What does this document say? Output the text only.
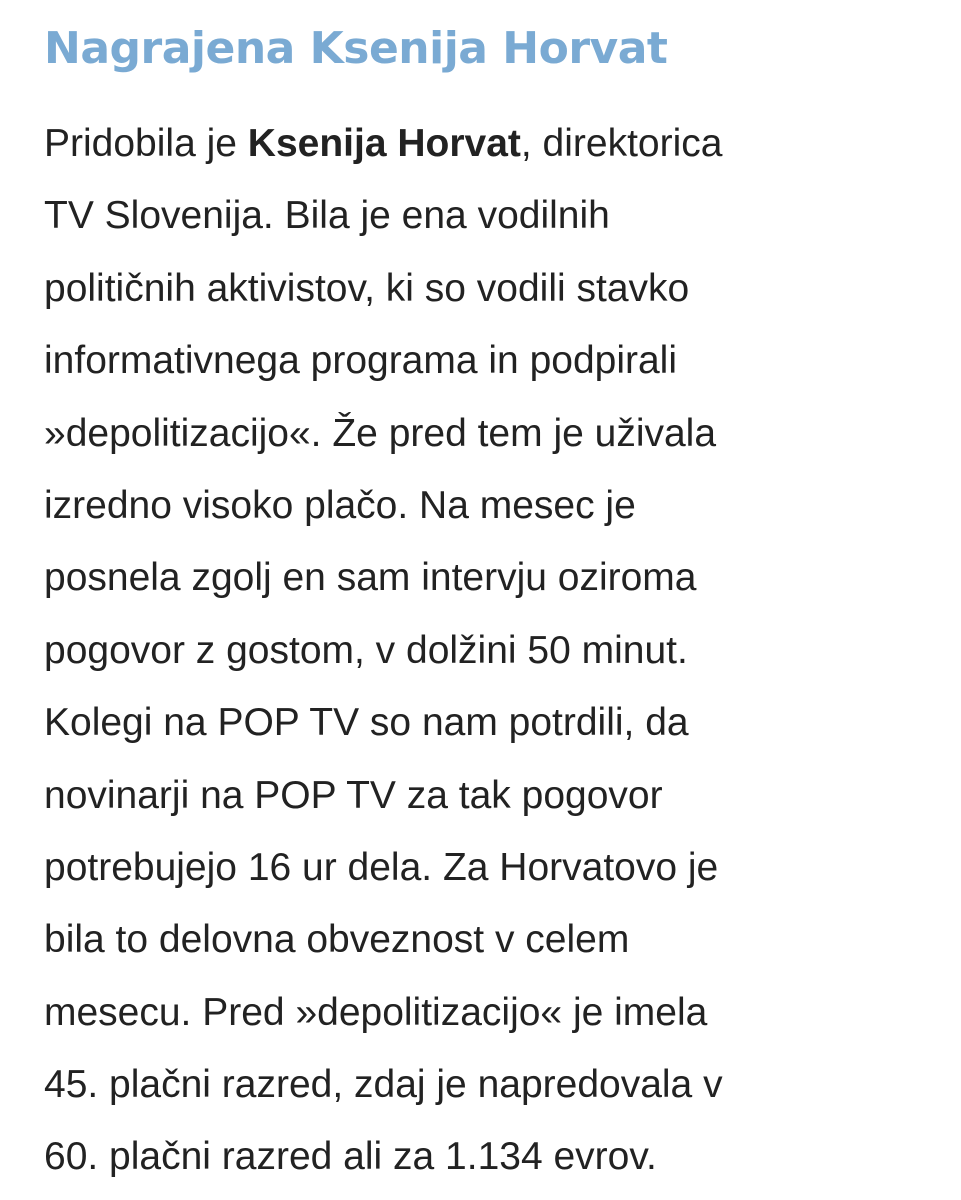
Nagrajena Ksenija Horvat

Pridobila je Ksenija Horvat, direktorica
TV Slovenija. Bila je ena vodilnih
političnih aktivistov, ki so vodili stavko
informativnega programa in podpirali
»depolitizacijo«. Že pred tem je uživala
izredno visoko plačo. Na mesec je
posnela zgolj en sam intervju oziroma
pogovor z gostom, v dolžini 50 minut.
Kolegi na POP TV so nam potrdili, da
novinarji na POP TV za tak pogovor
potrebujejo 16 ur dela. Za Horvatovo je
bila to delovna obveznost v celem
mesecu. Pred »depolitizacijo« je imela
45. plačni razred, zdaj je napredovala v
60. plačni razred ali za 1.134 evrov.
